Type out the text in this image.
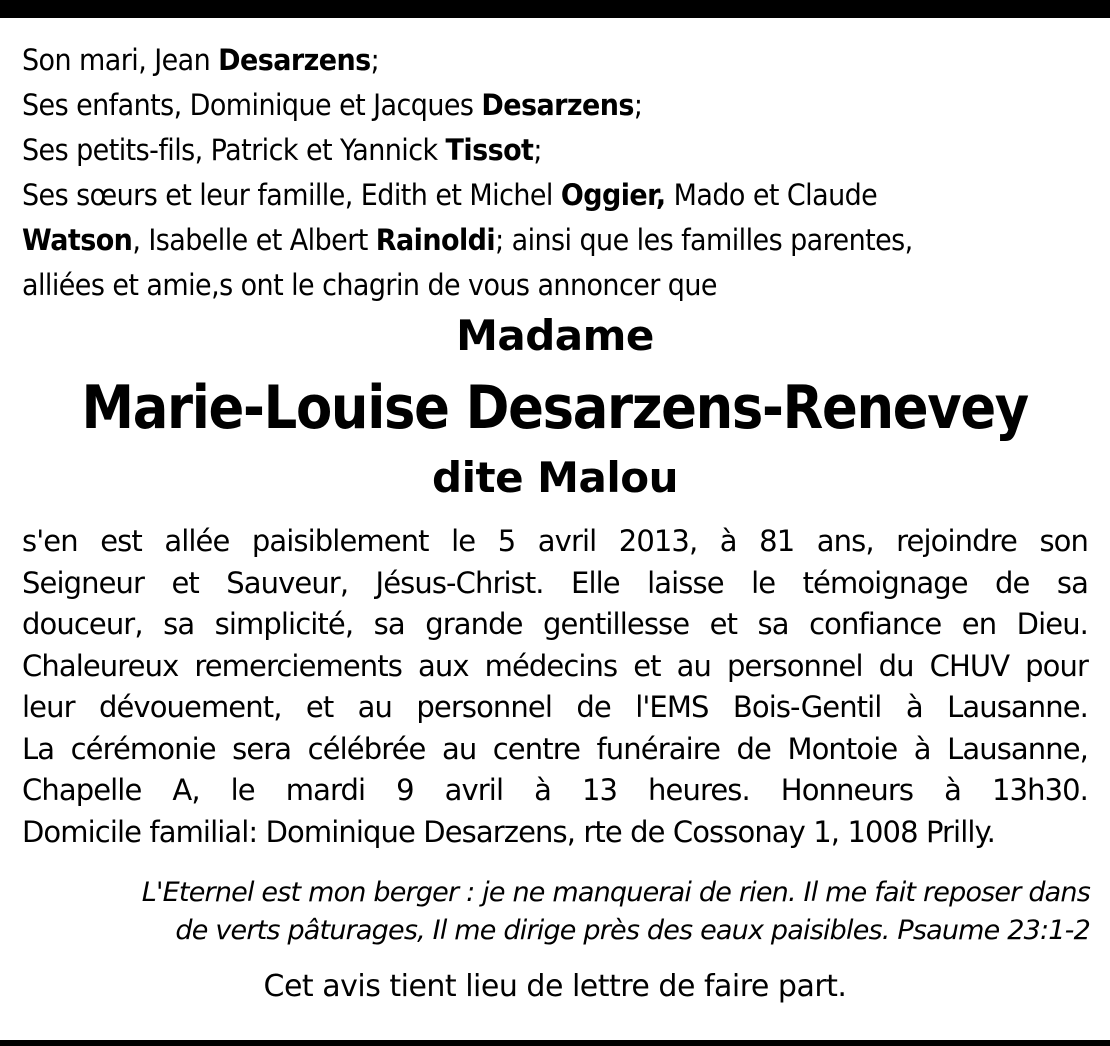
Son mari, Jean Desarzens;
Ses enfants, Dominique et Jacques Desarzens;
Ses petits-fils, Patrick et Yannick Tissot;
Ses sœurs et leur famille, Edith et Michel Oggier, Mado et Claude
Watson, Isabelle et Albert Rainoldi; ainsi que les familles parentes,
alliées et amie,s ont le chagrin de vous annoncer que
Madame
Marie-Louise Desarzens-Renevey
dite Malou
s'en est allée paisiblement le 5 avril 2013, à 81 ans, rejoindre son
Seigneur et Sauveur, Jésus-Christ. Elle laisse le témoignage de sa
douceur, sa simplicité, sa grande gentillesse et sa confiance en Dieu.
Chaleureux remerciements aux médecins et au personnel du CHUV pour
leur dévouement, et au personnel de l'EMS Bois-Gentil à Lausanne.
La cérémonie sera célébrée au centre funéraire de Montoie à Lausanne,
Chapelle A, le mardi 9 avril à 13 heures. Honneurs à 13h30.
Domicile familial: Dominique Desarzens, rte de Cossonay 1, 1008 Prilly.
L'Eternel est mon berger : je ne manquerai de rien. Il me fait reposer dans
de verts pâturages, Il me dirige près des eaux paisibles. Psaume 23:1-2
Cet avis tient lieu de lettre de faire part.
